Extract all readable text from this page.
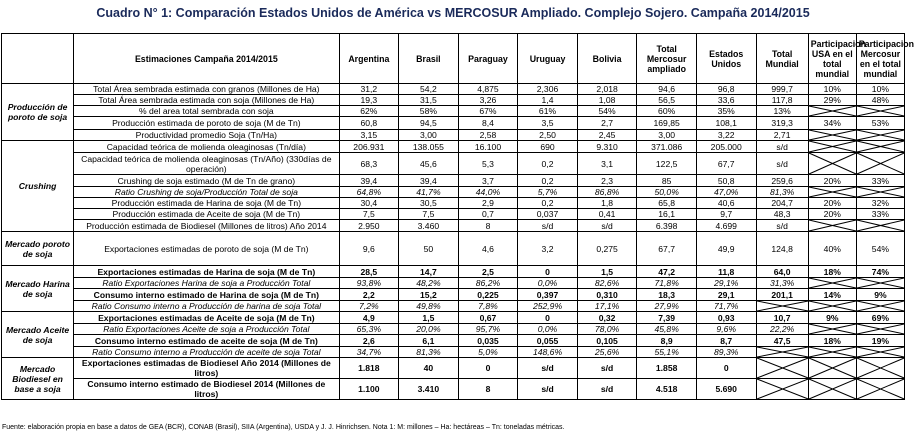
Cuadro N° 1: Comparación Estados Unidos de América vs MERCOSUR Ampliado. Complejo Sojero. Campaña 2014/2015
	Estimaciones Campaña 2014/2015	Argentina	Brasil	Paraguay	Uruguay	Bolivia	Total Mercosur ampliado	Estados Unidos	Total Mundial	Participacion USA en el total mundial	Participacion Mercosur en el total mundial
Producción de poroto de soja	Total Área sembrada estimada con granos (Millones de Ha)	31,2	54,2	4,875	2,306	2,018	94,6	96,8	999,7	10%	10%
	Total Área sembrada estimada con soja (Millones de Ha)	19,3	31,5	3,26	1,4	1,08	56,5	33,6	117,8	29%	48%
	% del area total sembrada con soja	62%	58%	67%	61%	54%	60%	35%	13%	

	Producción estimada de poroto de soja (M de Tn)	60,8	94,5	8,4	3,5	2,7	169,85	108,1	319,3	34%	53%
	Productividad promedio Soja (Tn/Ha)	3,15	3,00	2,58	2,50	2,45	3,00	3,22	2,71	

Crushing	Capacidad teórica de molienda oleaginosas (Tn/día)	206.931	138.055	16.100	690	9.310	371.086	205.000	s/d	

	Capacidad teórica de molienda oleaginosas (Tn/Año) (330días de operación)	68,3	45,6	5,3	0,2	3,1	122,5	67,7	s/d	

	Crushing de soja estimado (M de Tn de grano)	39,4	39,4	3,7	0,2	2,3	85	50,8	259,6	20%	33%
	Ratio Crushing de soja/Producción Total de soja	64,8%	41,7%	44,0%	5,7%	86,8%	50,0%	47,0%	81,3%	

	Producción estimada de Harina de soja (M de Tn)	30,4	30,5	2,9	0,2	1,8	65,8	40,6	204,7	20%	32%
	Producción estimada de Aceite de soja (M de Tn)	7,5	7,5	0,7	0,037	0,41	16,1	9,7	48,3	20%	33%
	Producción estimada de Biodiesel (Millones de litros) Año 2014	2.950	3.460	8	s/d	s/d	6.398	4.699	s/d	

Mercado poroto de soja	Exportaciones estimadas de poroto de soja (M de Tn)	9,6	50	4,6	3,2	0,275	67,7	49,9	124,8	40%	54%
Mercado Harina de soja	Exportaciones estimadas de Harina de soja (M de Tn)	28,5	14,7	2,5	0	1,5	47,2	11,8	64,0	18%	74%
	Ratio Exportaciones Harina de soja a Producción Total	93,8%	48,2%	86,2%	0,0%	82,6%	71,8%	29,1%	31,3%	

	Consumo interno estimado de Harina de soja (M de Tn)	2,2	15,2	0,225	0,397	0,310	18,3	29,1	201,1	14%	9%
	Ratio Consumo interno a Producción de harina de soja Total	7,2%	49,8%	7,8%	252,9%	17,1%	27,9%	71,7%	

Mercado Aceite de soja	Exportaciones estimadas de Aceite de soja (M de Tn)	4,9	1,5	0,67	0	0,32	7,39	0,93	10,7	9%	69%
	Ratio Exportaciones Aceite de soja a Producción Total	65,3%	20,0%	95,7%	0,0%	78,0%	45,8%	9,6%	22,2%	

	Consumo interno estimado de aceite de soja (M de Tn)	2,6	6,1	0,035	0,055	0,105	8,9	8,7	47,5	18%	19%
	Ratio Consumo interno a Producción de aceite de soja Total	34,7%	81,3%	5,0%	148,6%	25,6%	55,1%	89,3%	

Mercado Biodiesel en base a soja	Exportaciones estimadas de Biodiesel Año 2014 (Millones de litros)	1.818	40	0	s/d	s/d	1.858	0	

	Consumo interno estimado de Biodiesel 2014 (Millones de litros)	1.100	3.410	8	s/d	s/d	4.518	5.690	

Fuente: elaboración propia en base a datos de GEA (BCR), CONAB (Brasil), SIIA (Argentina), USDA y J. J. Hinrichsen. Nota 1: M: millones – Ha: hectáreas – Tn: toneladas métricas.
